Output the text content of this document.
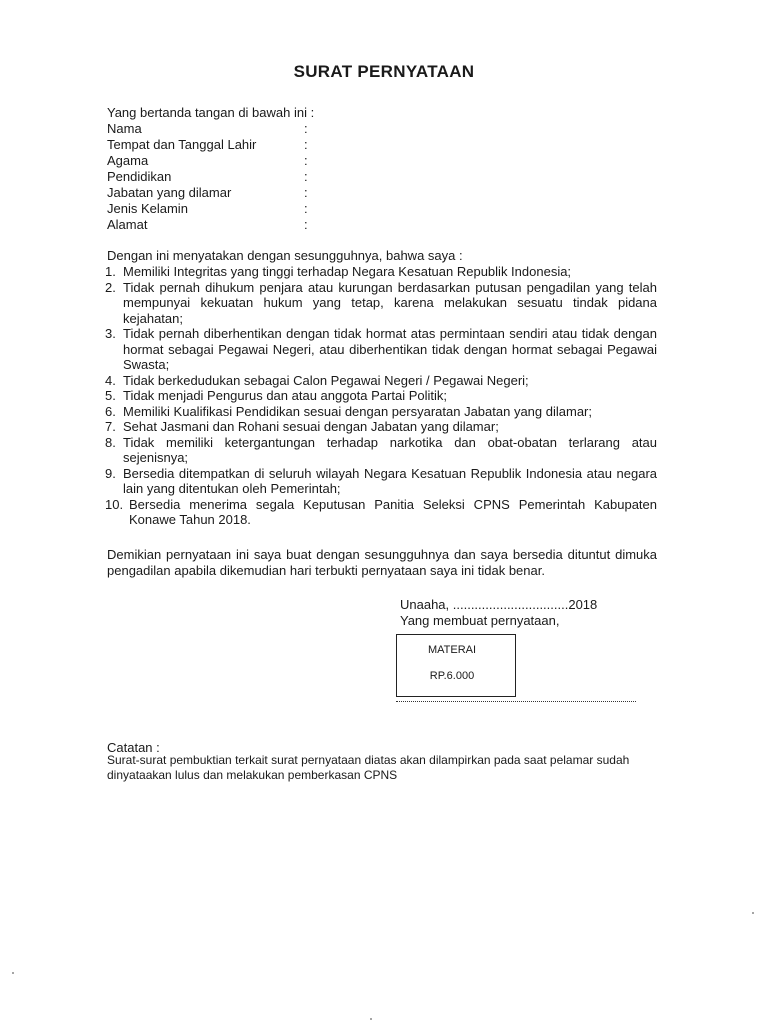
SURAT PERNYATAAN
Yang bertanda tangan di bawah ini :
Nama	:
Tempat dan Tanggal Lahir	:
Agama	:
Pendidikan	:
Jabatan yang dilamar	:
Jenis Kelamin	:
Alamat	:
Dengan ini menyatakan dengan sesungguhnya, bahwa saya :
1. Memiliki Integritas yang tinggi terhadap Negara Kesatuan Republik Indonesia;
2. Tidak pernah dihukum penjara atau kurungan berdasarkan putusan pengadilan yang telah mempunyai kekuatan hukum yang tetap, karena melakukan sesuatu tindak pidana kejahatan;
3. Tidak pernah diberhentikan dengan tidak hormat atas permintaan sendiri atau tidak dengan hormat sebagai Pegawai Negeri, atau diberhentikan tidak dengan hormat sebagai Pegawai Swasta;
4. Tidak berkedudukan sebagai Calon Pegawai Negeri / Pegawai Negeri;
5. Tidak menjadi Pengurus dan atau anggota Partai Politik;
6. Memiliki Kualifikasi Pendidikan sesuai dengan persyaratan Jabatan yang dilamar;
7. Sehat Jasmani dan Rohani sesuai dengan Jabatan yang dilamar;
8. Tidak memiliki ketergantungan terhadap narkotika dan obat-obatan terlarang atau sejenisnya;
9. Bersedia ditempatkan di seluruh wilayah Negara Kesatuan Republik Indonesia atau negara lain yang ditentukan oleh Pemerintah;
10. Bersedia menerima segala Keputusan Panitia Seleksi CPNS Pemerintah Kabupaten Konawe Tahun 2018.
Demikian pernyataan ini saya buat dengan sesungguhnya dan saya bersedia dituntut dimuka pengadilan apabila dikemudian hari terbukti pernyataan saya ini tidak benar.
Unaaha, ................................2018
Yang membuat pernyataan,
MATERAI
RP.6.000
Catatan :
Surat-surat pembuktian terkait surat pernyataan diatas akan dilampirkan pada saat pelamar sudah dinyataakan lulus dan melakukan pemberkasan CPNS
